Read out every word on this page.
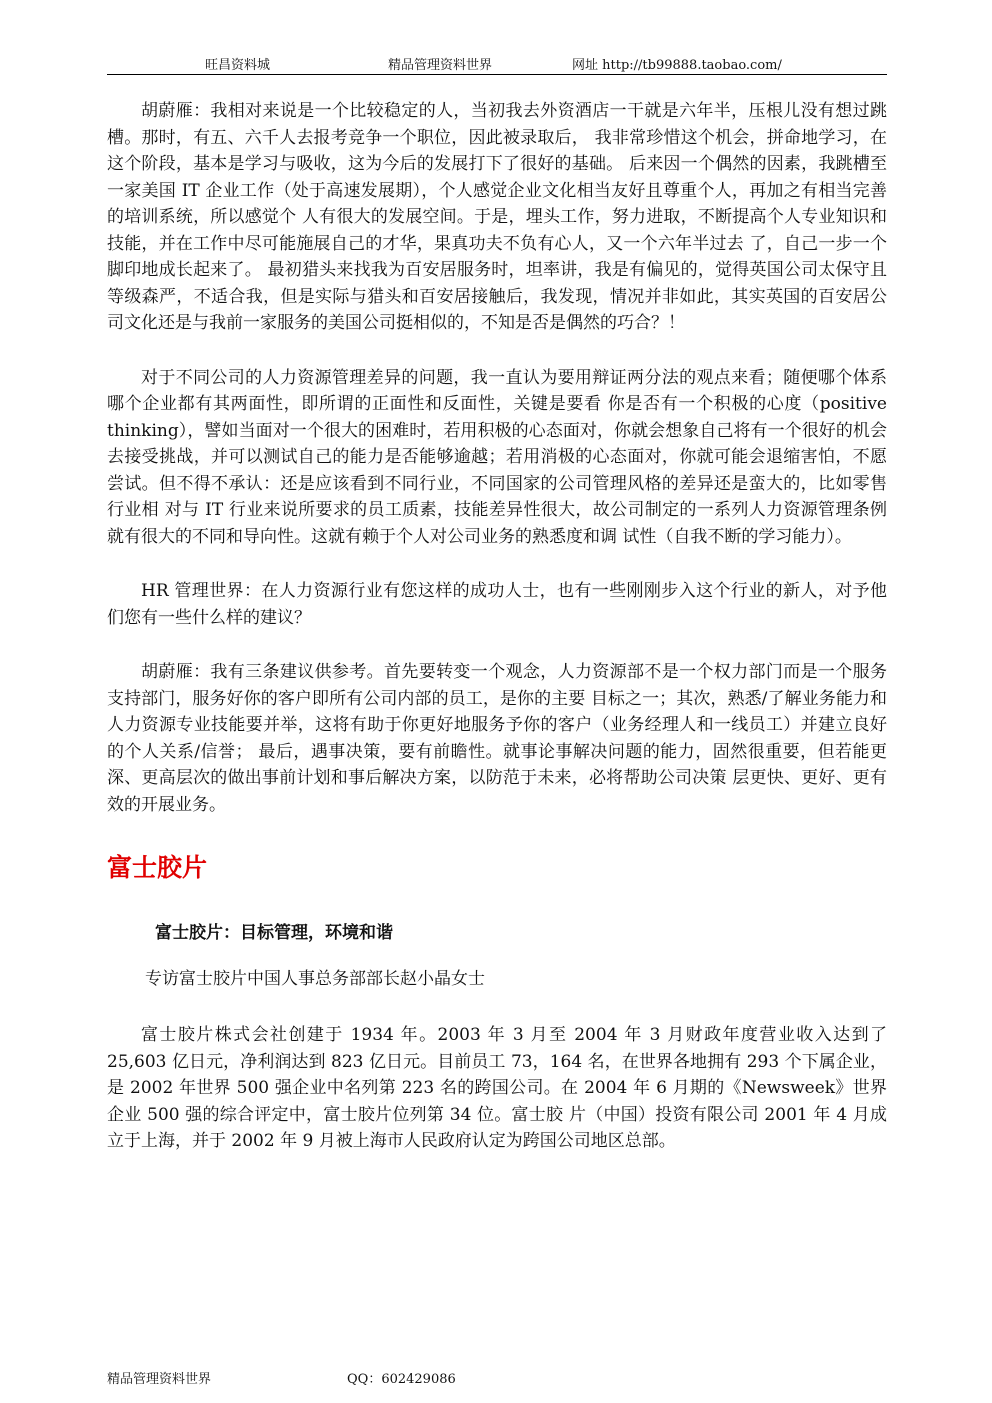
旺昌资料城	精品管理资料世界	网址 http://tb99888.taobao.com/

胡蔚雁：我相对来说是一个比较稳定的人，当初我去外资酒店一干就是六年半，压根儿没有想过跳槽。那时，有五、六千人去报考竞争一个职位，因此被录取后， 我非常珍惜这个机会，拼命地学习，在这个阶段，基本是学习与吸收，这为今后的发展打下了很好的基础。 后来因一个偶然的因素，我跳槽至一家美国 IT 企业工作（处于高速发展期），个人感觉企业文化相当友好且尊重个人，再加之有相当完善的培训系统，所以感觉个 人有很大的发展空间。于是，埋头工作，努力进取，不断提高个人专业知识和技能，并在工作中尽可能施展自己的才华，果真功夫不负有心人，又一个六年半过去 了，自己一步一个脚印地成长起来了。 最初猎头来找我为百安居服务时，坦率讲，我是有偏见的，觉得英国公司太保守且等级森严，不适合我，但是实际与猎头和百安居接触后，我发现，情况并非如此，其实英国的百安居公司文化还是与我前一家服务的美国公司挺相似的，不知是否是偶然的巧合？！

对于不同公司的人力资源管理差异的问题，我一直认为要用辩证两分法的观点来看；随便哪个体系哪个企业都有其两面性，即所谓的正面性和反面性，关键是要看 你是否有一个积极的心度（positive thinking），譬如当面对一个很大的困难时，若用积极的心态面对，你就会想象自己将有一个很好的机会去接受挑战，并可以测试自己的能力是否能够逾越；若用消极的心态面对，你就可能会退缩害怕，不愿尝试。但不得不承认：还是应该看到不同行业，不同国家的公司管理风格的差异还是蛮大的，比如零售行业相 对与 IT 行业来说所要求的员工质素，技能差异性很大，故公司制定的一系列人力资源管理条例就有很大的不同和导向性。这就有赖于个人对公司业务的熟悉度和调 试性（自我不断的学习能力）。

HR 管理世界：在人力资源行业有您这样的成功人士，也有一些刚刚步入这个行业的新人，对予他们您有一些什么样的建议？

胡蔚雁：我有三条建议供参考。首先要转变一个观念，人力资源部不是一个权力部门而是一个服务支持部门，服务好你的客户即所有公司内部的员工，是你的主要 目标之一；其次，熟悉/了解业务能力和人力资源专业技能要并举，这将有助于你更好地服务予你的客户（业务经理人和一线员工）并建立良好的个人关系/信誉； 最后，遇事决策，要有前瞻性。就事论事解决问题的能力，固然很重要，但若能更深、更高层次的做出事前计划和事后解决方案，以防范于未来，必将帮助公司决策 层更快、更好、更有效的开展业务。

富士胶片
富士胶片：目标管理，环境和谐
专访富士胶片中国人事总务部部长赵小晶女士

富士胶片株式会社创建于 1934 年。2003 年 3 月至 2004 年 3 月财政年度营业收入达到了 25,603 亿日元，净利润达到 823 亿日元。目前员工 73，164 名，在世界各地拥有 293 个下属企业，是 2002 年世界 500 强企业中名列第 223 名的跨国公司。在 2004 年 6 月期的《Newsweek》世界企业 500 强的综合评定中，富士胶片位列第 34 位。富士胶 片（中国）投资有限公司 2001 年 4 月成立于上海，并于 2002 年 9 月被上海市人民政府认定为跨国公司地区总部。

精品管理资料世界	QQ：602429086
